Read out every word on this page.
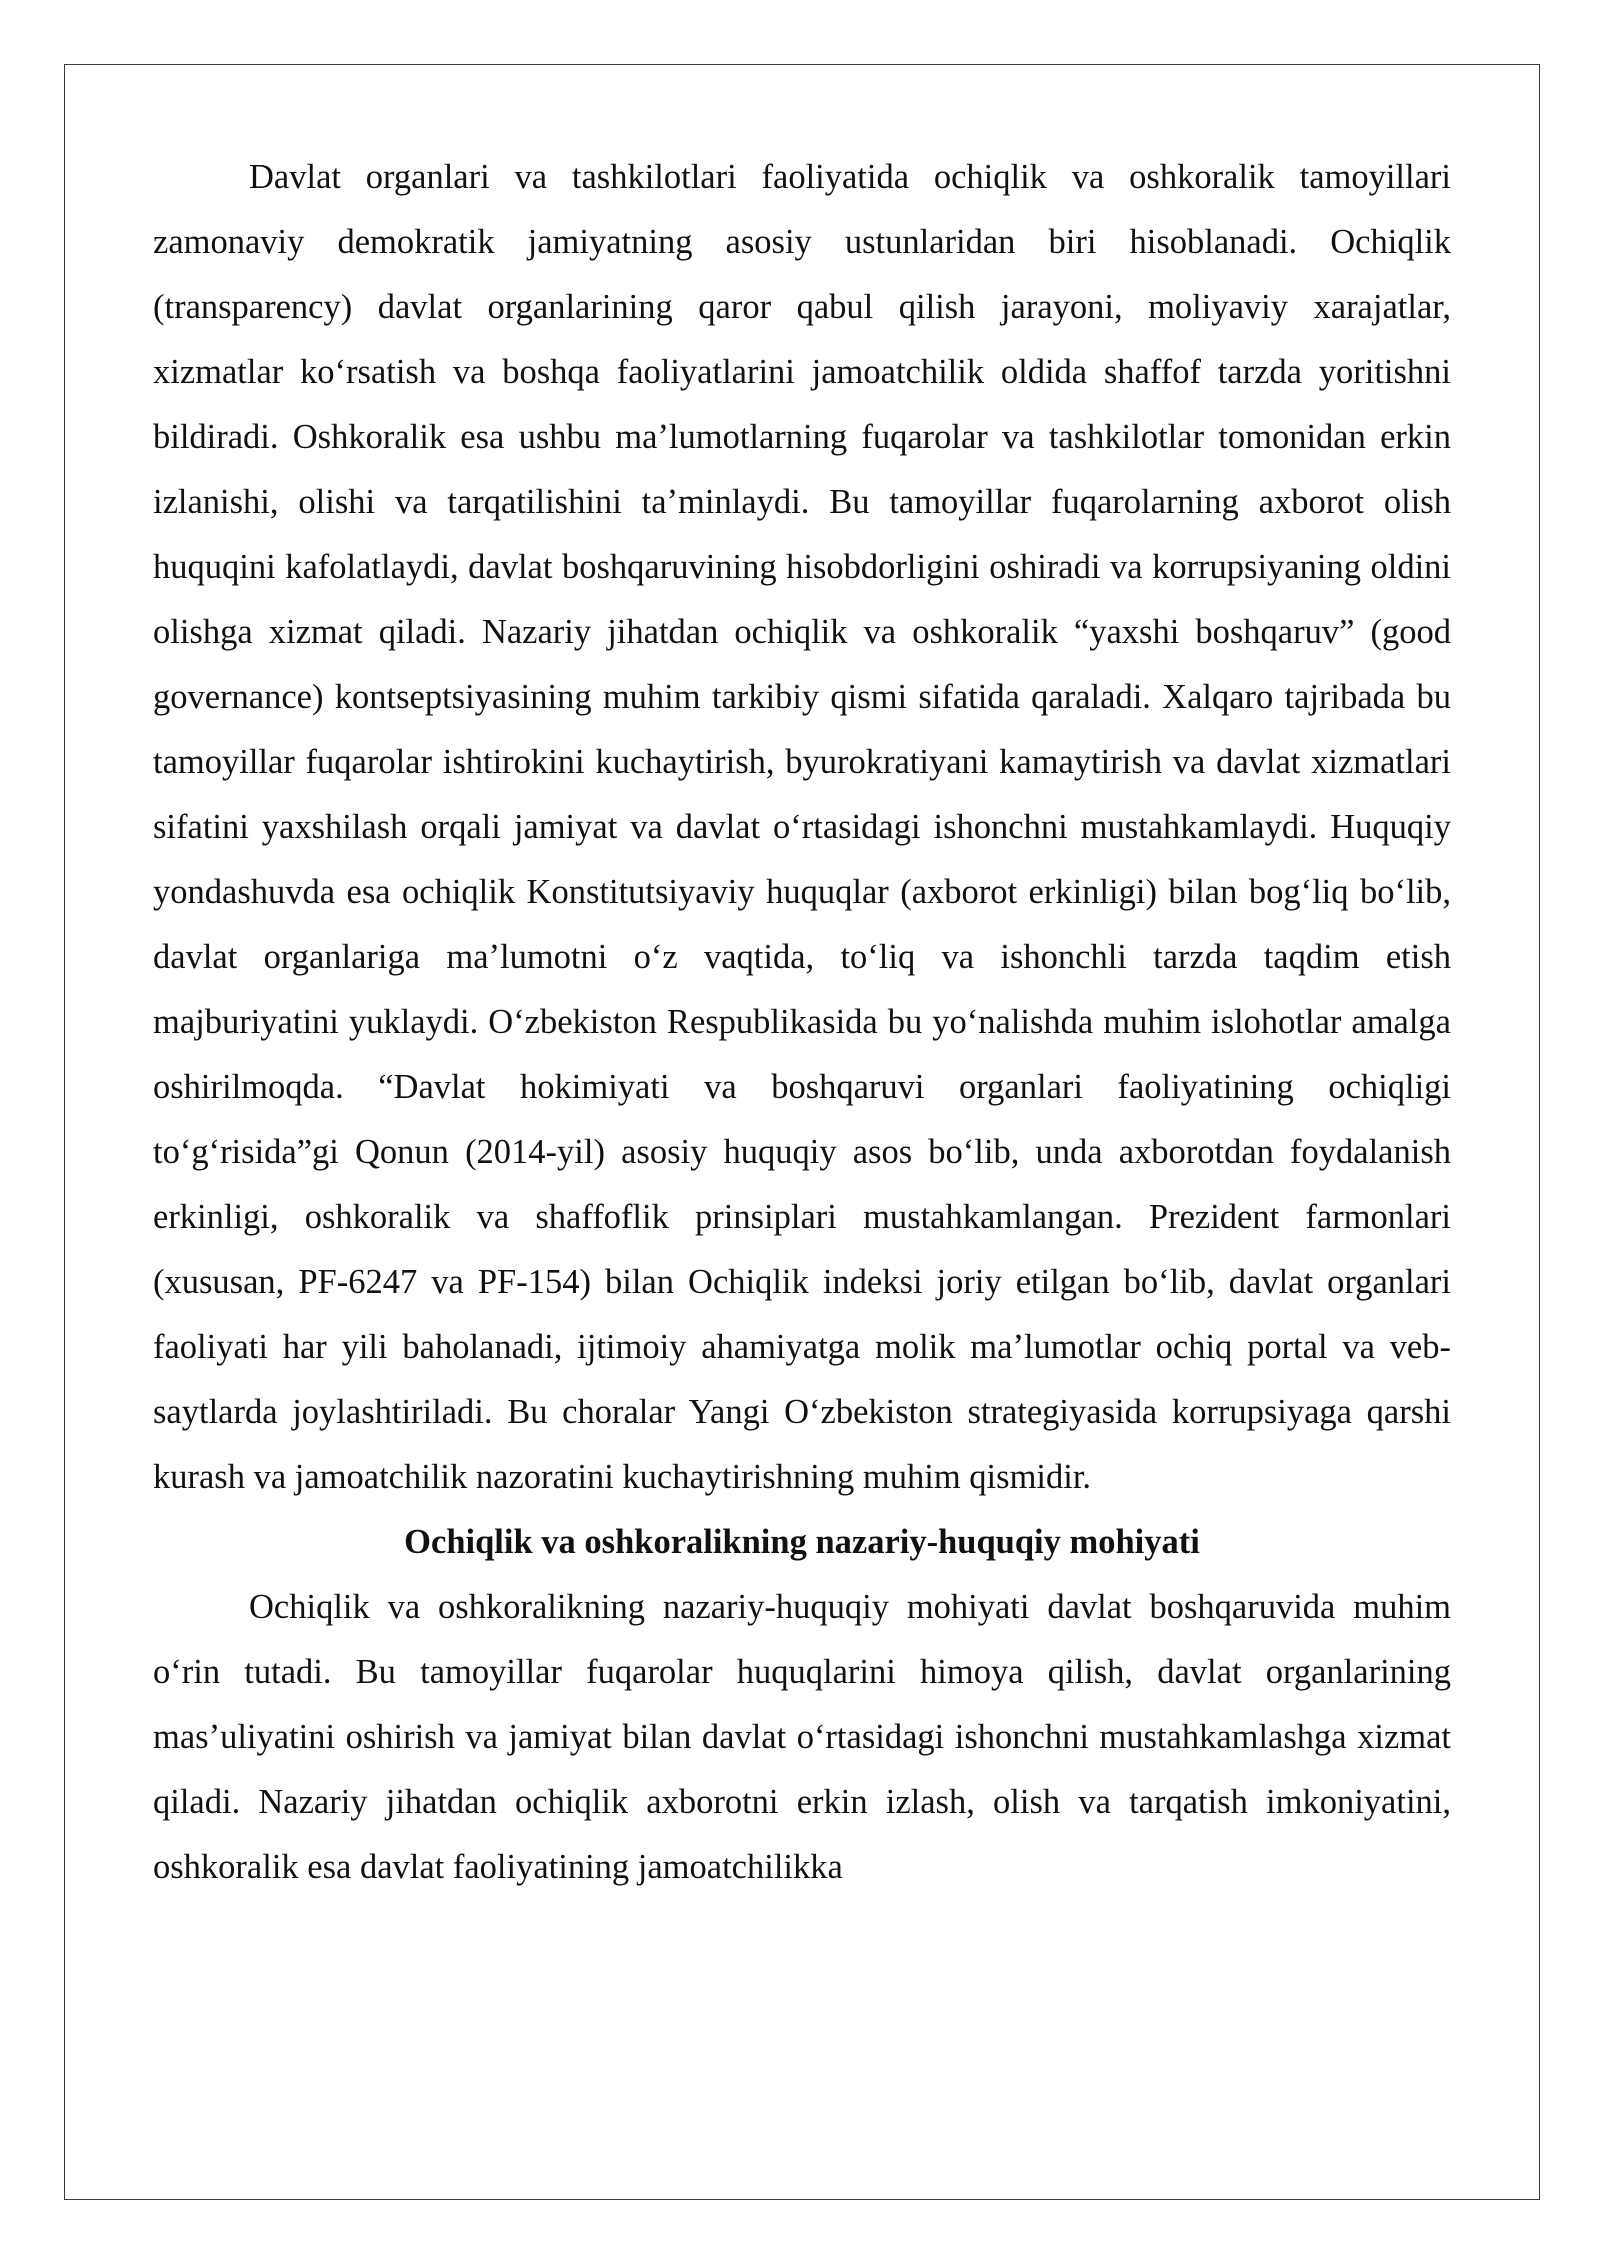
Davlat organlari va tashkilotlari faoliyatida ochiqlik va oshkoralik tamoyillari zamonaviy demokratik jamiyatning asosiy ustunlaridan biri hisoblanadi. Ochiqlik (transparency) davlat organlarining qaror qabul qilish jarayoni, moliyaviy xarajatlar, xizmatlar koʻrsatish va boshqa faoliyatlarini jamoatchilik oldida shaffof tarzda yoritishni bildiradi. Oshkoralik esa ushbu maʼlumotlarning fuqarolar va tashkilotlar tomonidan erkin izlanishi, olishi va tarqatilishini taʼminlaydi. Bu tamoyillar fuqarolarning axborot olish huquqini kafolatlaydi, davlat boshqaruvining hisobdorligini oshiradi va korrupsiyaning oldini olishga xizmat qiladi. Nazariy jihatdan ochiqlik va oshkoralik “yaxshi boshqaruv” (good governance) kontseptsiyasining muhim tarkibiy qismi sifatida qaraladi. Xalqaro tajribada bu tamoyillar fuqarolar ishtirokini kuchaytirish, byurokratiyani kamaytirish va davlat xizmatlari sifatini yaxshilash orqali jamiyat va davlat oʻrtasidagi ishonchni mustahkamlaydi. Huquqiy yondashuvda esa ochiqlik Konstitutsiyaviy huquqlar (axborot erkinligi) bilan bogʻliq boʻlib, davlat organlariga maʼlumotni oʻz vaqtida, toʻliq va ishonchli tarzda taqdim etish majburiyatini yuklaydi. Oʻzbekiston Respublikasida bu yoʻnalishda muhim islohotlar amalga oshirilmoqda. “Davlat hokimiyati va boshqaruvi organlari faoliyatining ochiqligi toʻgʻrisida”gi Qonun (2014-yil) asosiy huquqiy asos boʻlib, unda axborotdan foydalanish erkinligi, oshkoralik va shaffoflik prinsiplari mustahkamlangan. Prezident farmonlari (xususan, PF-6247 va PF-154) bilan Ochiqlik indeksi joriy etilgan boʻlib, davlat organlari faoliyati har yili baholanadi, ijtimoiy ahamiyatga molik maʼlumotlar ochiq portal va veb-saytlarda joylashtiriladi. Bu choralar Yangi Oʻzbekiston strategiyasida korrupsiyaga qarshi kurash va jamoatchilik nazoratini kuchaytirishning muhim qismidir.

Ochiqlik va oshkoralikning nazariy-huquqiy mohiyati

Ochiqlik va oshkoralikning nazariy-huquqiy mohiyati davlat boshqaruvida muhim oʻrin tutadi. Bu tamoyillar fuqarolar huquqlarini himoya qilish, davlat organlarining masʼuliyatini oshirish va jamiyat bilan davlat oʻrtasidagi ishonchni mustahkamlashga xizmat qiladi. Nazariy jihatdan ochiqlik axborotni erkin izlash, olish va tarqatish imkoniyatini, oshkoralik esa davlat faoliyatining jamoatchilikka
